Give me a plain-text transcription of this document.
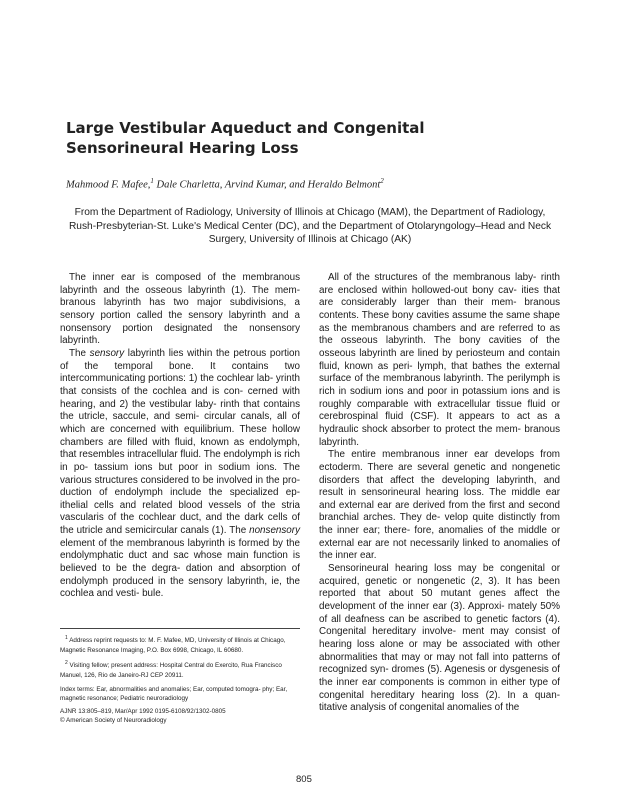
Large Vestibular Aqueduct and Congenital Sensorineural Hearing Loss
Mahmood F. Mafee,$^1$ Dale Charletta, Arvind Kumar, and Heraldo Belmont$^2$
From the Department of Radiology, University of Illinois at Chicago (MAM), the Department of Radiology, Rush-Presbyterian-St. Luke's Medical Center (DC), and the Department of Otolaryngology–Head and Neck Surgery, University of Illinois at Chicago (AK)

The inner ear is composed of the membranous labyrinth and the osseous labyrinth (1). The mem- branous labyrinth has two major subdivisions, a sensory portion called the sensory labyrinth and a nonsensory portion designated the nonsensory labyrinth.

The sensory labyrinth lies within the petrous portion of the temporal bone. It contains two intercommunicating portions: 1) the cochlear lab- yrinth that consists of the cochlea and is con- cerned with hearing, and 2) the vestibular laby- rinth that contains the utricle, saccule, and semi- circular canals, all of which are concerned with equilibrium. These hollow chambers are filled with fluid, known as endolymph, that resembles intracellular fluid. The endolymph is rich in po- tassium ions but poor in sodium ions. The various structures considered to be involved in the pro- duction of endolymph include the specialized ep- ithelial cells and related blood vessels of the stria vascularis of the cochlear duct, and the dark cells of the utricle and semicircular canals (1). The nonsensory element of the membranous labyrinth is formed by the endolymphatic duct and sac whose main function is believed to be the degra- dation and absorption of endolymph produced in the sensory labyrinth, ie, the cochlea and vesti- bule.

All of the structures of the membranous laby- rinth are enclosed within hollowed-out bony cav- ities that are considerably larger than their mem- branous contents. These bony cavities assume the same shape as the membranous chambers and are referred to as the osseous labyrinth. The bony cavities of the osseous labyrinth are lined by periosteum and contain fluid, known as peri- lymph, that bathes the external surface of the membranous labyrinth. The perilymph is rich in sodium ions and poor in potassium ions and is roughly comparable with extracellular tissue fluid or cerebrospinal fluid (CSF). It appears to act as a hydraulic shock absorber to protect the mem- branous labyrinth.

The entire membranous inner ear develops from ectoderm. There are several genetic and nongenetic disorders that affect the developing labyrinth, and result in sensorineural hearing loss. The middle ear and external ear are derived from the first and second branchial arches. They de- velop quite distinctly from the inner ear; there- fore, anomalies of the middle or external ear are not necessarily linked to anomalies of the inner ear.

Sensorineural hearing loss may be congenital or acquired, genetic or nongenetic (2, 3). It has been reported that about 50 mutant genes affect the development of the inner ear (3). Approxi- mately 50% of all deafness can be ascribed to genetic factors (4). Congenital hereditary involve- ment may consist of hearing loss alone or may be associated with other abnormalities that may or may not fall into patterns of recognized syn- dromes (5). Agenesis or dysgenesis of the inner ear components is common in either type of congenital hereditary hearing loss (2). In a quan- titative analysis of congenital anomalies of the

$^1$ Address reprint requests to: M. F. Mafee, MD, University of Illinois at Chicago, Magnetic Resonance Imaging, P.O. Box 6998, Chicago, IL 60680.

$^2$ Visiting fellow; present address: Hospital Central do Exercito, Rua Francisco Manuel, 126, Rio de Janeiro-RJ CEP 20911.

Index terms: Ear, abnormalities and anomalies; Ear, computed tomogra- phy; Ear, magnetic resonance; Pediatric neuroradiology

AJNR 13:805–819, Mar/Apr 1992 0195-6108/92/1302-0805

© American Society of Neuroradiology

805
